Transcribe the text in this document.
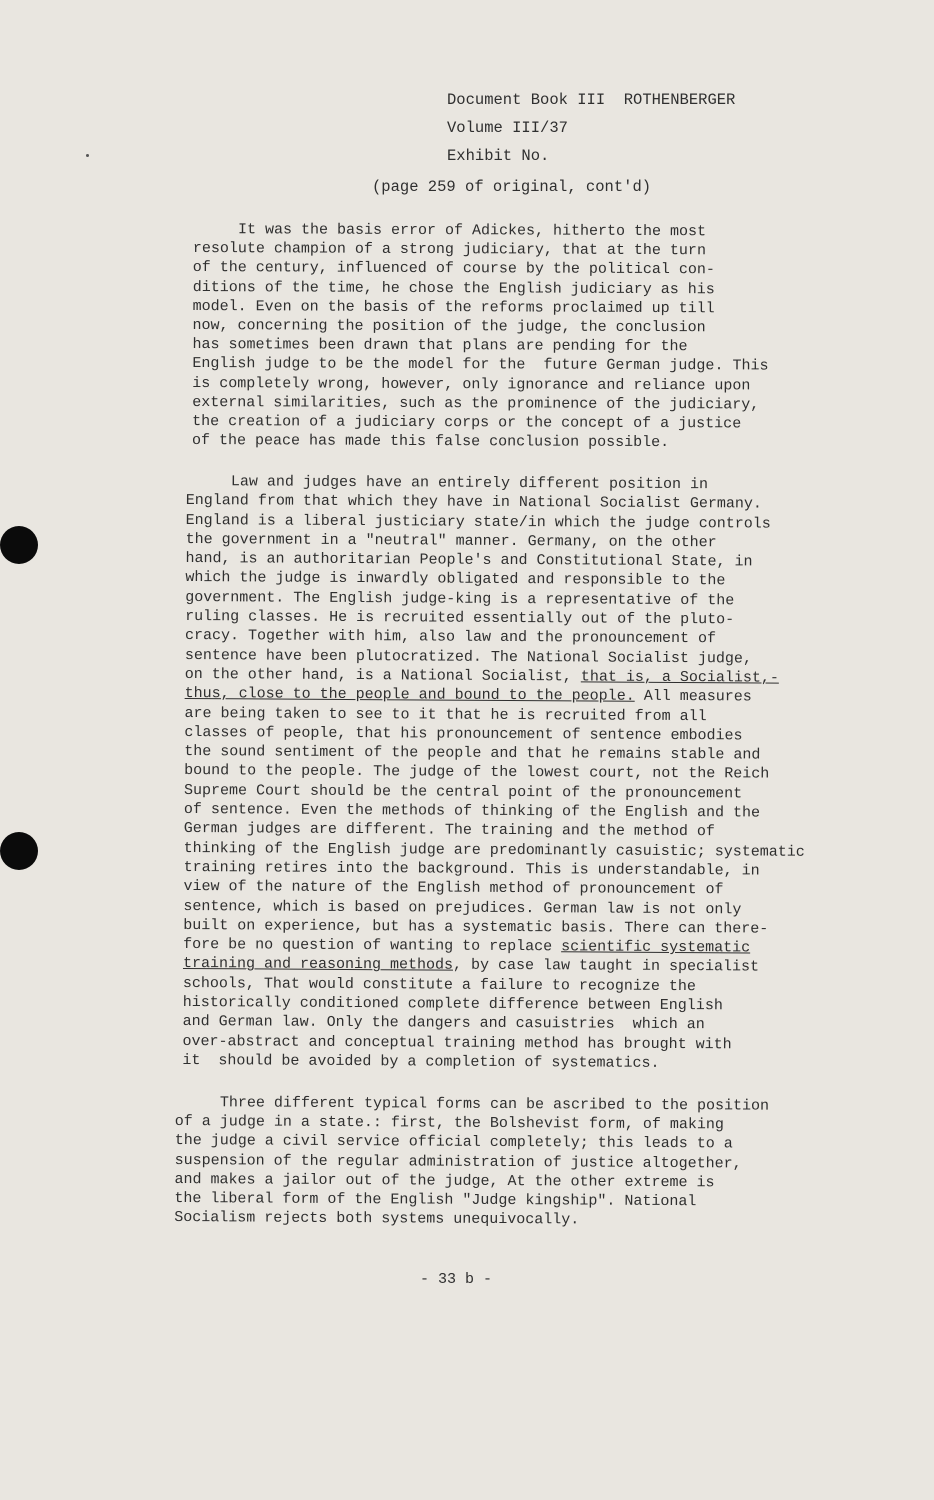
Document Book III  ROTHENBERGER
Volume III/37
Exhibit No.
(page 259 of original, cont'd)
It was the basis error of Adickes, hitherto the most
resolute champion of a strong judiciary, that at the turn
of the century, influenced of course by the political con-
ditions of the time, he chose the English judiciary as his
model. Even on the basis of the reforms proclaimed up till
now, concerning the position of the judge, the conclusion
has sometimes been drawn that plans are pending for the
English judge to be the model for the  future German judge. This
is completely wrong, however, only ignorance and reliance upon
external similarities, such as the prominence of the judiciary,
the creation of a judiciary corps or the concept of a justice
of the peace has made this false conclusion possible.
Law and judges have an entirely different position in
England from that which they have in National Socialist Germany.
England is a liberal justiciary state/in which the judge controls
the government in a "neutral" manner. Germany, on the other
hand, is an authoritarian People's and Constitutional State, in
which the judge is inwardly obligated and responsible to the
government. The English judge-king is a representative of the
ruling classes. He is recruited essentially out of the pluto-
cracy. Together with him, also law and the pronouncement of
sentence have been plutocratized. The National Socialist judge,
on the other hand, is a National Socialist, that is, a Socialist,-
thus, close to the people and bound to the people. All measures
are being taken to see to it that he is recruited from all
classes of people, that his pronouncement of sentence embodies
the sound sentiment of the people and that he remains stable and
bound to the people. The judge of the lowest court, not the Reich
Supreme Court should be the central point of the pronouncement
of sentence. Even the methods of thinking of the English and the
German judges are different. The training and the method of
thinking of the English judge are predominantly casuistic; systematic
training retires into the background. This is understandable, in
view of the nature of the English method of pronouncement of
sentence, which is based on prejudices. German law is not only
built on experience, but has a systematic basis. There can there-
fore be no question of wanting to replace scientific systematic
training and reasoning methods, by case law taught in specialist
schools, That would constitute a failure to recognize the
historically conditioned complete difference between English
and German law. Only the dangers and casuistries  which an
over-abstract and conceptual training method has brought with
it  should be avoided by a completion of systematics.
Three different typical forms can be ascribed to the position
of a judge in a state.: first, the Bolshevist form, of making
the judge a civil service official completely; this leads to a
suspension of the regular administration of justice altogether,
and makes a jailor out of the judge, At the other extreme is
the liberal form of the English "Judge kingship". National
Socialism rejects both systems unequivocally.
- 33 b -
